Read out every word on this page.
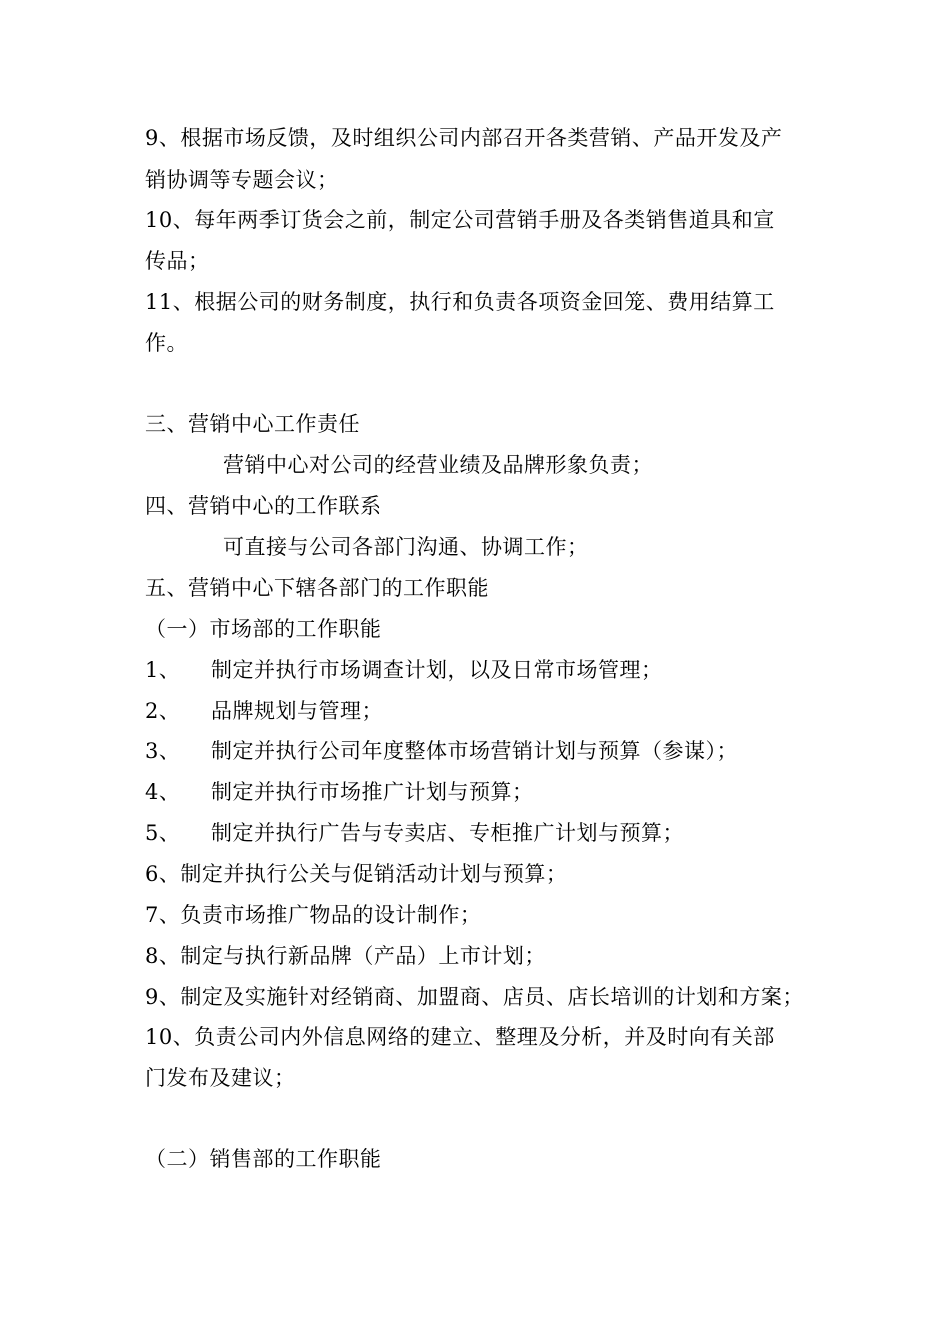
9、根据市场反馈，及时组织公司内部召开各类营销、产品开发及产
销协调等专题会议；
10、每年两季订货会之前，制定公司营销手册及各类销售道具和宣
传品；
11、根据公司的财务制度，执行和负责各项资金回笼、费用结算工
作。
三、营销中心工作责任
营销中心对公司的经营业绩及品牌形象负责；
四、营销中心的工作联系
可直接与公司各部门沟通、协调工作；
五、营销中心下辖各部门的工作职能
（一）市场部的工作职能
1、 制定并执行市场调查计划，以及日常市场管理；
2、 品牌规划与管理；
3、 制定并执行公司年度整体市场营销计划与预算（参谋）；
4、 制定并执行市场推广计划与预算；
5、 制定并执行广告与专卖店、专柜推广计划与预算；
6、制定并执行公关与促销活动计划与预算；
7、负责市场推广物品的设计制作；
8、制定与执行新品牌（产品）上市计划；
9、制定及实施针对经销商、加盟商、店员、店长培训的计划和方案；
10、负责公司内外信息网络的建立、整理及分析，并及时向有关部
门发布及建议；
（二）销售部的工作职能
